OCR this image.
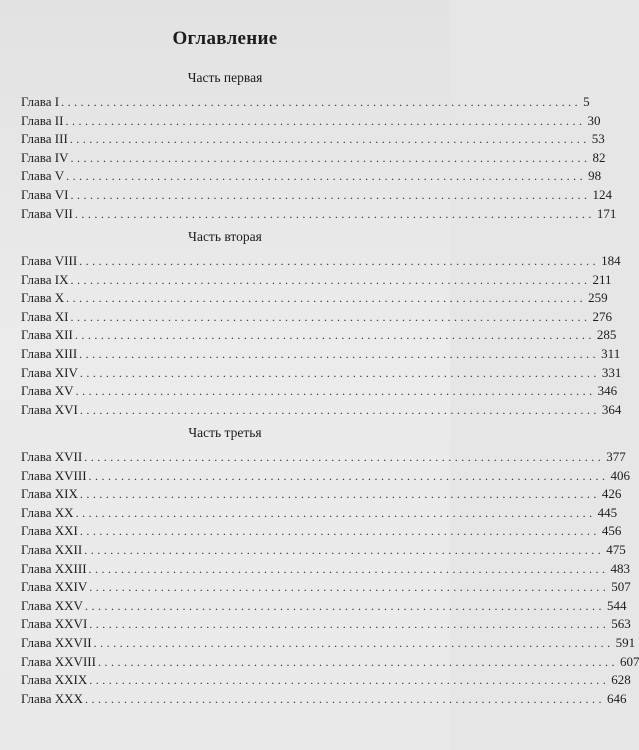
Оглавление
Часть первая
Глава I ................................................................................ 5
Глава II ................................................................................ 30
Глава III ................................................................................ 53
Глава IV ................................................................................ 82
Глава V ................................................................................ 98
Глава VI ................................................................................ 124
Глава VII ................................................................................ 171
Часть вторая
Глава VIII ................................................................................ 184
Глава IX ................................................................................ 211
Глава X ................................................................................ 259
Глава XI ................................................................................ 276
Глава XII ................................................................................ 285
Глава XIII ................................................................................ 311
Глава XIV ................................................................................ 331
Глава XV ................................................................................ 346
Глава XVI ................................................................................ 364
Часть третья
Глава XVII ................................................................................ 377
Глава XVIII ................................................................................ 406
Глава XIX ................................................................................ 426
Глава XX ................................................................................ 445
Глава XXI ................................................................................ 456
Глава XXII ................................................................................ 475
Глава XXIII ................................................................................ 483
Глава XXIV ................................................................................ 507
Глава XXV ................................................................................ 544
Глава XXVI ................................................................................ 563
Глава XXVII ................................................................................ 591
Глава XXVIII ................................................................................ 607
Глава XXIX ................................................................................ 628
Глава XXX ................................................................................ 646
